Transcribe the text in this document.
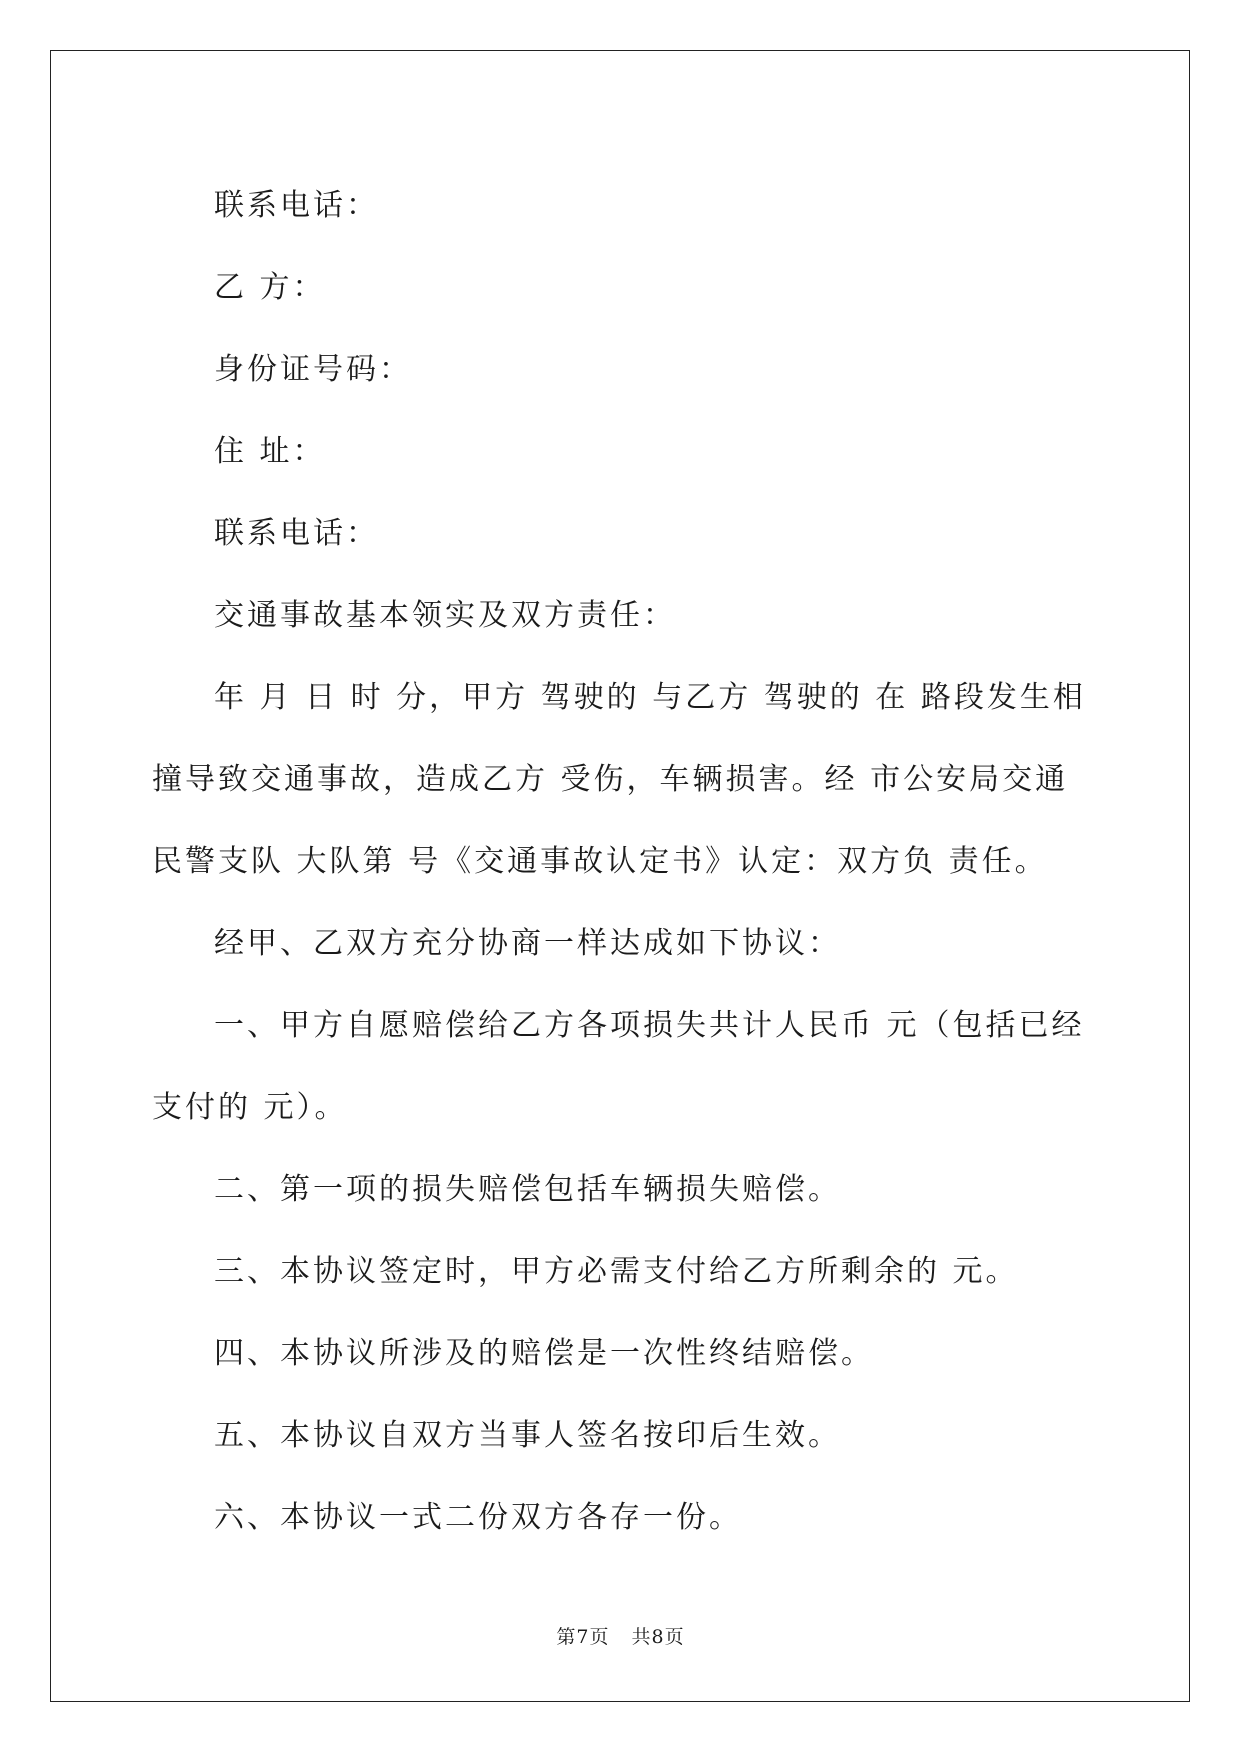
联系电话：

乙 方：

身份证号码：

住 址：

联系电话：

交通事故基本领实及双方责任：

年 月 日 时 分，甲方 驾驶的 与乙方 驾驶的 在 路段发生相撞导致交通事故，造成乙方 受伤，车辆损害。经 市公安局交通民警支队 大队第 号《交通事故认定书》认定：双方负 责任。

经甲、乙双方充分协商一样达成如下协议：

一、甲方自愿赔偿给乙方各项损失共计人民币 元（包括已经支付的 元）。

二、第一项的损失赔偿包括车辆损失赔偿。

三、本协议签定时，甲方必需支付给乙方所剩余的 元。

四、本协议所涉及的赔偿是一次性终结赔偿。

五、本协议自双方当事人签名按印后生效。

六、本协议一式二份双方各存一份。

第7页 共8页
